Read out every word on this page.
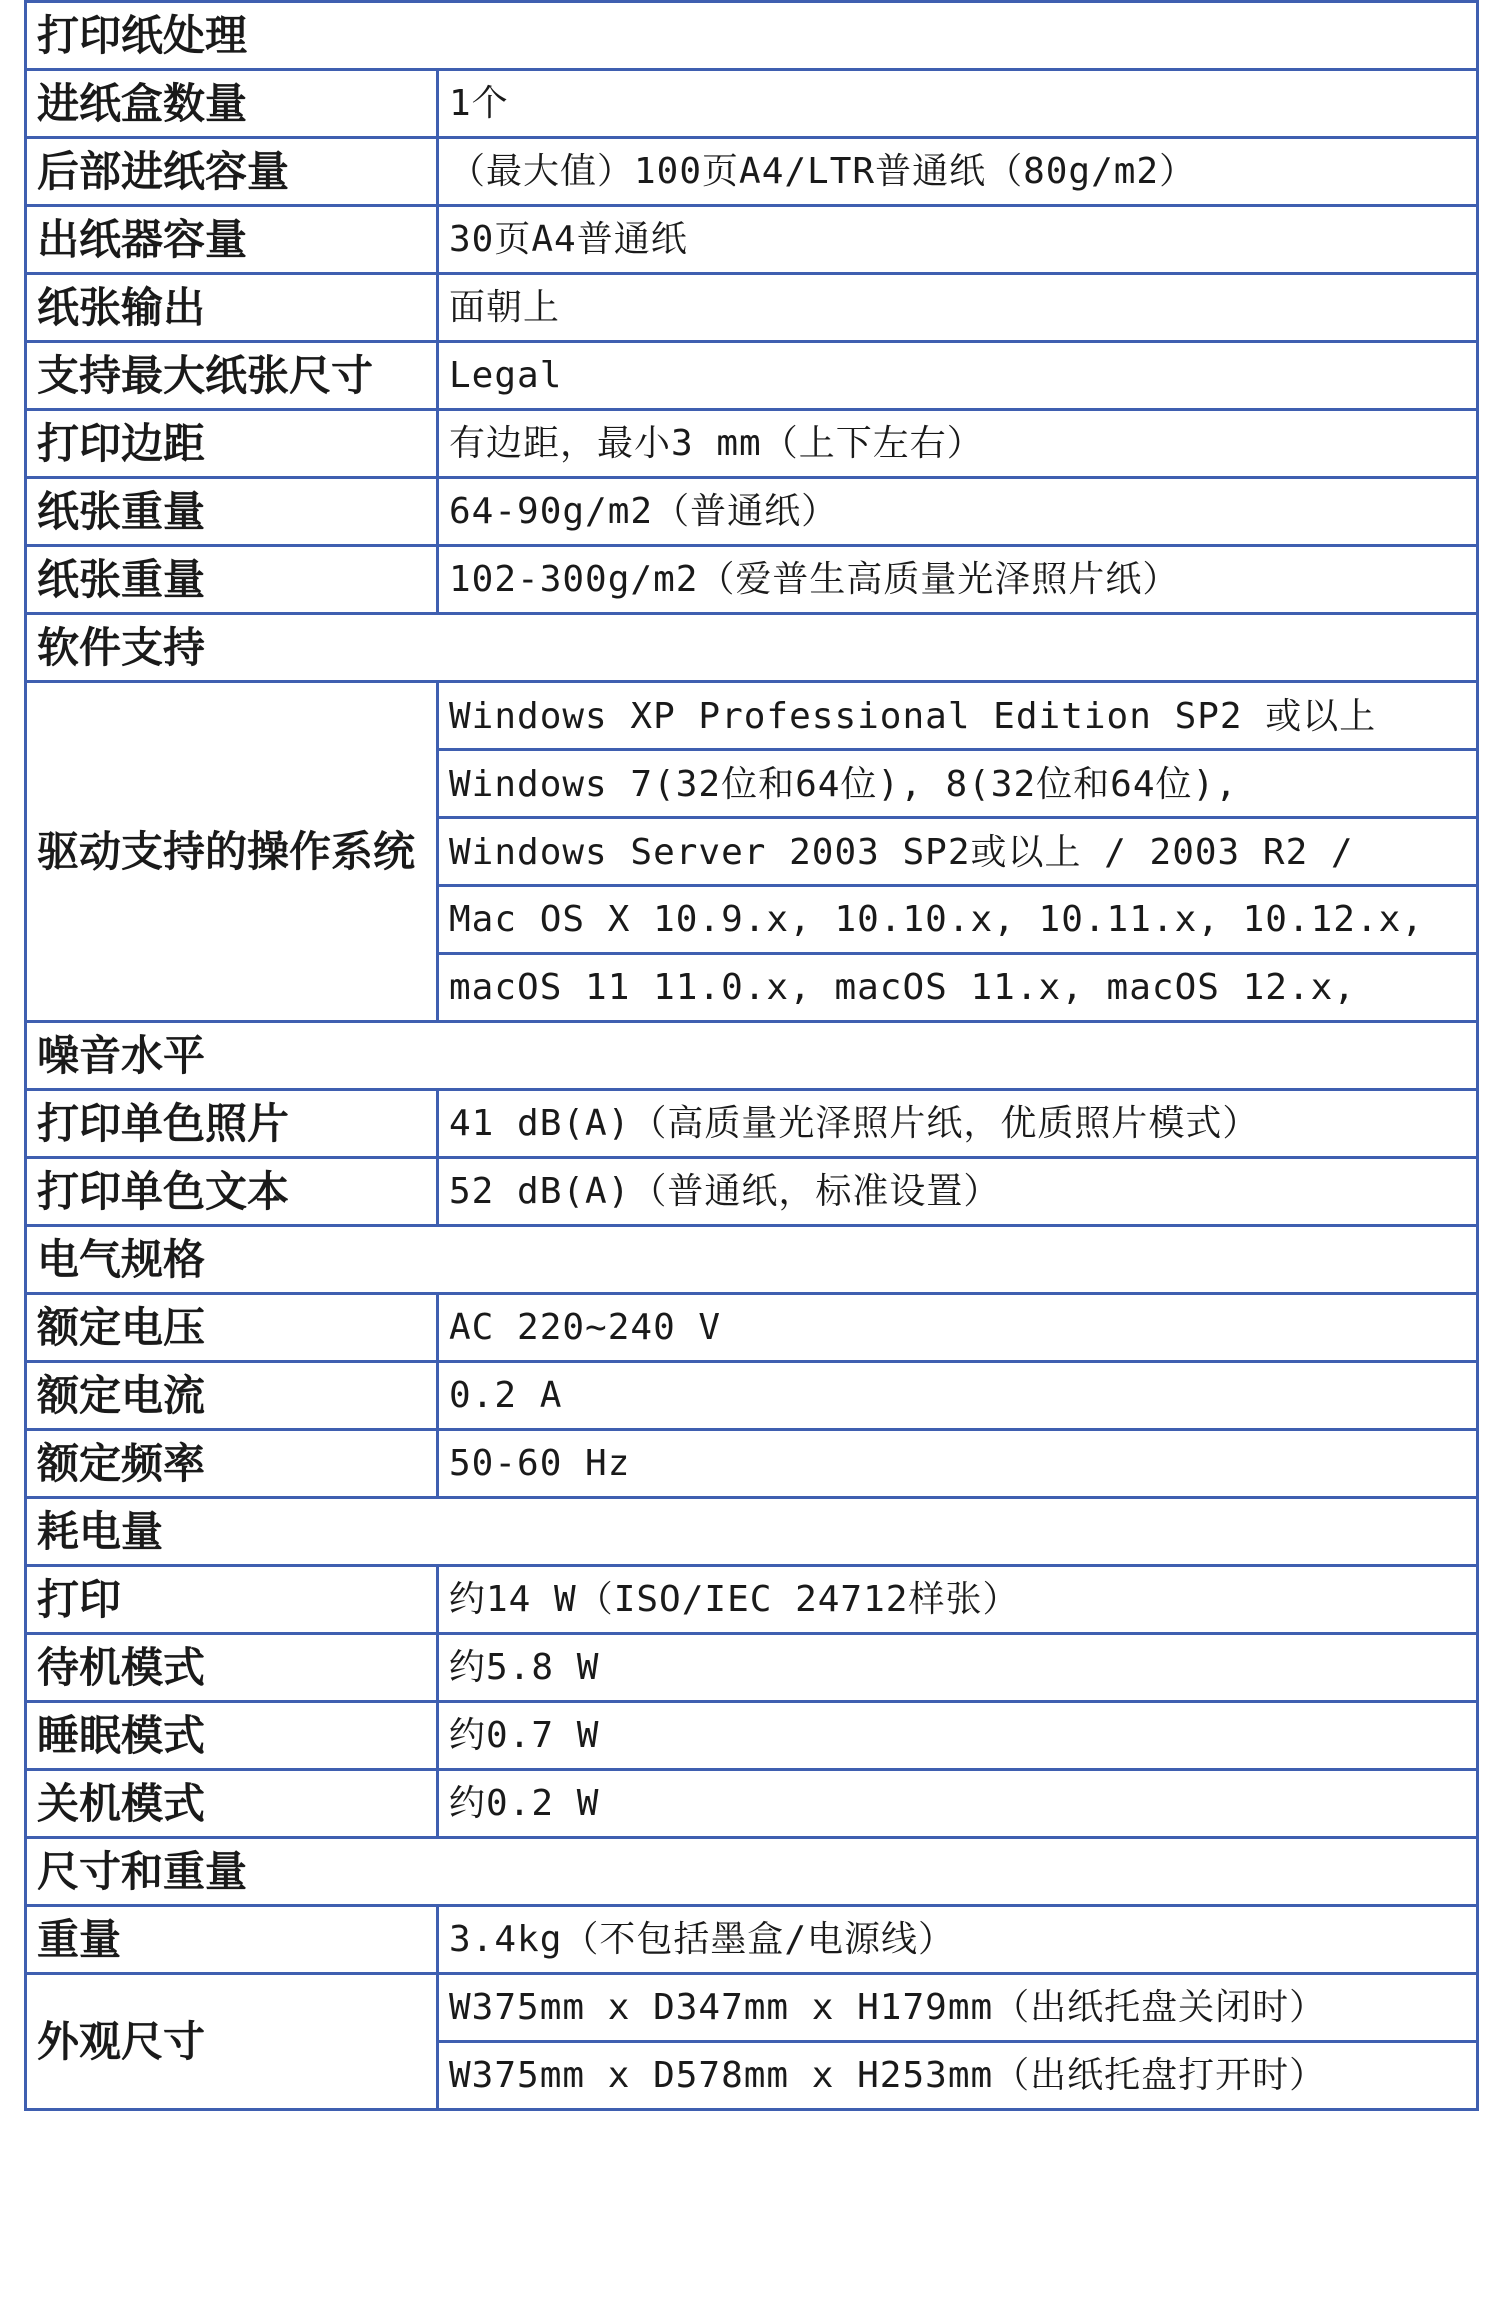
打印纸处理	
进纸盒数量	1个
后部进纸容量	（最大值）100页A4/LTR普通纸（80g/m2）
出纸器容量	30页A4普通纸
纸张输出	面朝上
支持最大纸张尺寸	Legal
打印边距	有边距，最小3 mm（上下左右）
纸张重量	64-90g/m2（普通纸）
纸张重量	102-300g/m2（爱普生高质量光泽照片纸）
软件支持	
驱动支持的操作系统	Windows XP Professional Edition SP2 或以上
	Windows 7(32位和64位), 8(32位和64位),
	Windows Server 2003 SP2或以上 / 2003 R2 /
	Mac OS X 10.9.x, 10.10.x, 10.11.x, 10.12.x,
	macOS 11 11.0.x, macOS 11.x, macOS 12.x,
噪音水平	
打印单色照片	41 dB(A)（高质量光泽照片纸，优质照片模式）
打印单色文本	52 dB(A)（普通纸，标准设置）
电气规格	
额定电压	AC 220~240 V
额定电流	0.2 A
额定频率	50-60 Hz
耗电量	
打印	约14 W（ISO/IEC 24712样张）
待机模式	约5.8 W
睡眠模式	约0.7 W
关机模式	约0.2 W
尺寸和重量	
重量	3.4kg（不包括墨盒/电源线）
外观尺寸	W375mm x D347mm x H179mm（出纸托盘关闭时）
	W375mm x D578mm x H253mm（出纸托盘打开时）
